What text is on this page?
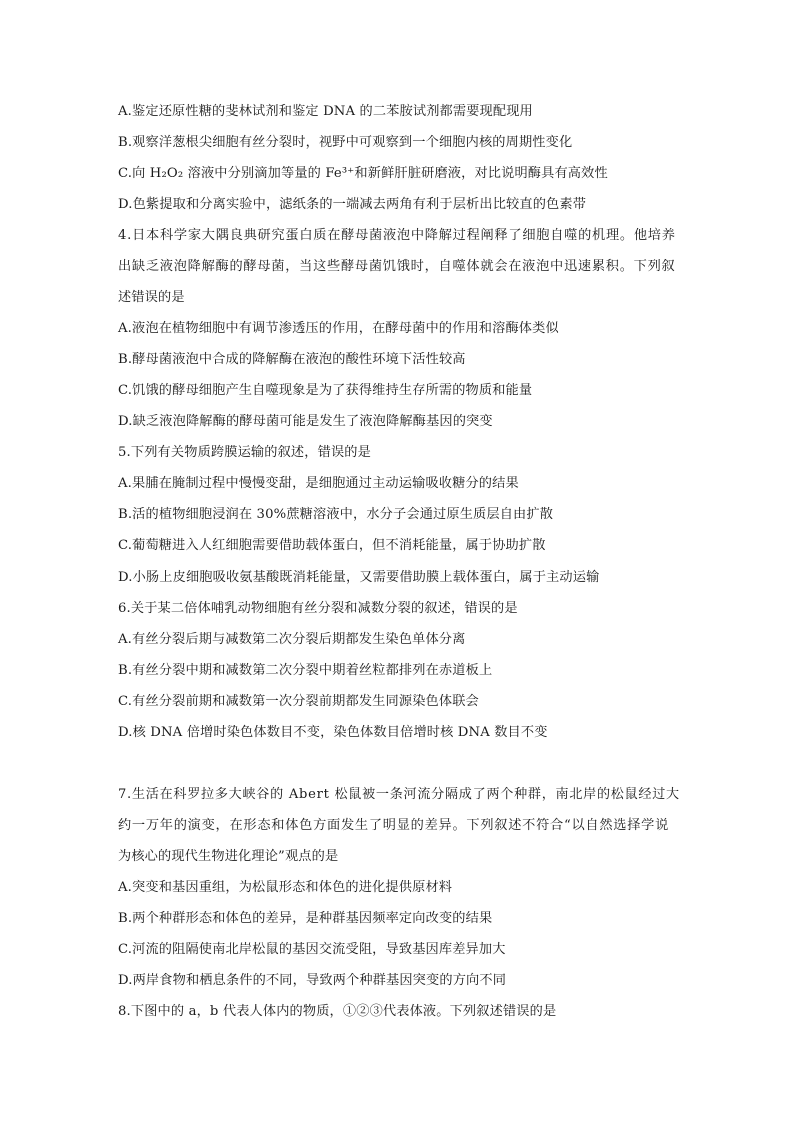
A.鉴定还原性糖的斐林试剂和鉴定 DNA 的二苯胺试剂都需要现配现用
B.观察洋葱根尖细胞有丝分裂时，视野中可观察到一个细胞内核的周期性变化
C.向 H₂O₂ 溶液中分别滴加等量的 Fe³⁺和新鲜肝脏研磨液，对比说明酶具有高效性
D.色紫提取和分离实验中，滤纸条的一端减去两角有利于层析出比较直的色素带
4.日本科学家大隅良典研究蛋白质在酵母菌液泡中降解过程阐释了细胞自噬的机理。他培养
出缺乏液泡降解酶的酵母菌，当这些酵母菌饥饿时，自噬体就会在液泡中迅速累积。下列叙
述错误的是
A.液泡在植物细胞中有调节渗透压的作用，在酵母菌中的作用和溶酶体类似
B.酵母菌液泡中合成的降解酶在液泡的酸性环境下活性较高
C.饥饿的酵母细胞产生自噬现象是为了获得维持生存所需的物质和能量
D.缺乏液泡降解酶的酵母菌可能是发生了液泡降解酶基因的突变
5.下列有关物质跨膜运输的叙述，错误的是
A.果脯在腌制过程中慢慢变甜，是细胞通过主动运输吸收糖分的结果
B.活的植物细胞浸润在 30%蔗糖溶液中，水分子会通过原生质层自由扩散
C.葡萄糖进入人红细胞需要借助载体蛋白，但不消耗能量，属于协助扩散
D.小肠上皮细胞吸收氨基酸既消耗能量，又需要借助膜上载体蛋白，属于主动运输
6.关于某二倍体哺乳动物细胞有丝分裂和减数分裂的叙述，错误的是
A.有丝分裂后期与减数第二次分裂后期都发生染色单体分离
B.有丝分裂中期和减数第二次分裂中期着丝粒都排列在赤道板上
C.有丝分裂前期和减数第一次分裂前期都发生同源染色体联会
D.核 DNA 倍增时染色体数目不变，染色体数目倍增时核 DNA 数目不变
7.生活在科罗拉多大峡谷的 Abert 松鼠被一条河流分隔成了两个种群，南北岸的松鼠经过大
约一万年的演变，在形态和体色方面发生了明显的差异。下列叙述不符合“以自然选择学说
为核心的现代生物进化理论”观点的是
A.突变和基因重组，为松鼠形态和体色的进化提供原材料
B.两个种群形态和体色的差异，是种群基因频率定向改变的结果
C.河流的阻隔使南北岸松鼠的基因交流受阻，导致基因库差异加大
D.两岸食物和栖息条件的不同，导致两个种群基因突变的方向不同
8.下图中的 a，b 代表人体内的物质，①②③代表体液。下列叙述错误的是
